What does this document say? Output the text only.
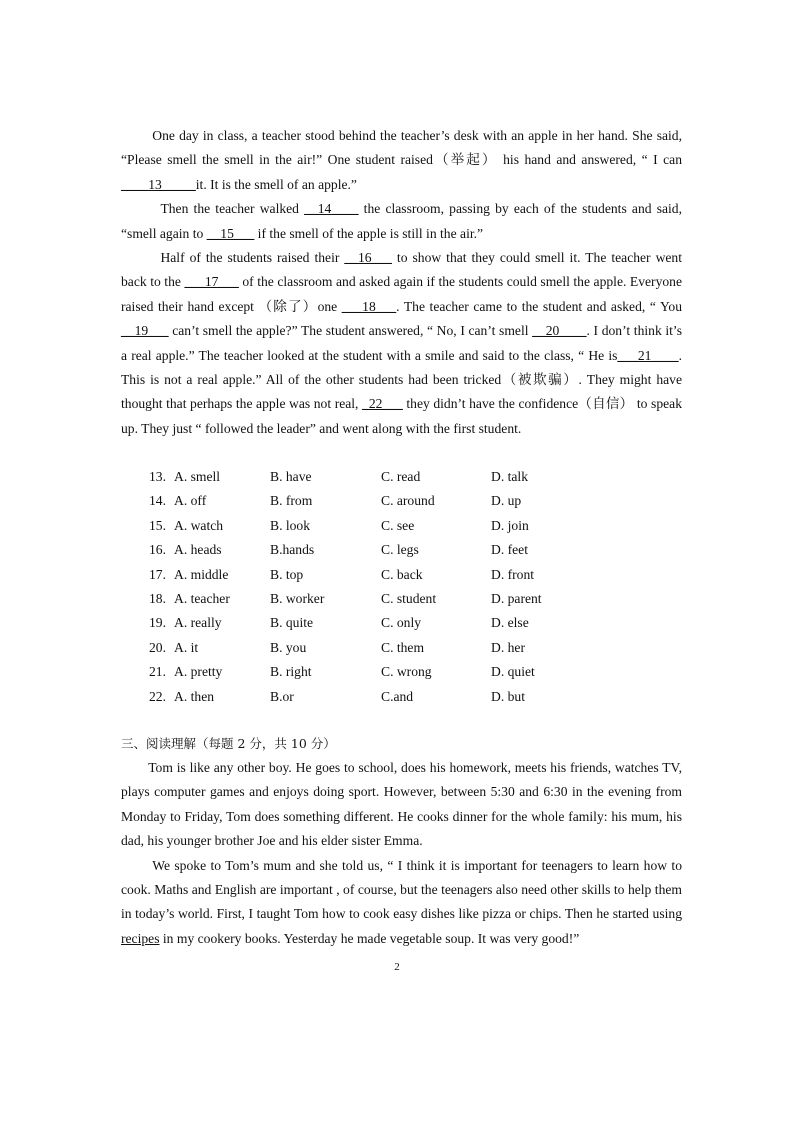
One day in class, a teacher stood behind the teacher’s desk with an apple in her hand. She said, “Please smell the smell in the air!” One student raised（举起） his hand and answered, “ I can ____13_____it. It is the smell of an apple.”

Then the teacher walked __14____ the classroom, passing by each of the students and said, “smell again to __15___ if the smell of the apple is still in the air.”

Half of the students raised their __16___ to show that they could smell it. The teacher went back to the ___17___ of the classroom and asked again if the students could smell the apple. Everyone raised their hand except （除了）one ___18___. The teacher came to the student and asked, “ You __19___ can’t smell the apple?” The student answered, “ No, I can’t smell __20____. I don’t think it’s a real apple.” The teacher looked at the student with a smile and said to the class, “ He is___21____. This is not a real apple.” All of the other students had been tricked（被欺骗）. They might have thought that perhaps the apple was not real, _22___ they didn’t have the confidence（自信） to speak up. They just “ followed the leader” and went along with the first student.

13. A. smell	B. have	C. read	D. talk
14. A. off	B. from	C. around	D. up
15. A. watch	B. look	C. see	D. join
16. A. heads	B.hands	C. legs	D. feet
17. A. middle	B. top	C. back	D. front
18. A. teacher	B. worker	C. student	D. parent
19. A. really	B. quite	C. only	D. else
20. A. it	B. you	C. them	D. her
21. A. pretty	B. right	C. wrong	D. quiet
22. A. then	B.or	C.and	D. but
三、阅读理解（每题 2 分，共 10 分）

Tom is like any other boy. He goes to school, does his homework, meets his friends, watches TV, plays computer games and enjoys doing sport. However, between 5:30 and 6:30 in the evening from Monday to Friday, Tom does something different. He cooks dinner for the whole family: his mum, his dad, his younger brother Joe and his elder sister Emma.

We spoke to Tom’s mum and she told us, “ I think it is important for teenagers to learn how to cook. Maths and English are important , of course, but the teenagers also need other skills to help them in today’s world. First, I taught Tom how to cook easy dishes like pizza or chips. Then he started using recipes in my cookery books. Yesterday he made vegetable soup. It was very good!”

2
